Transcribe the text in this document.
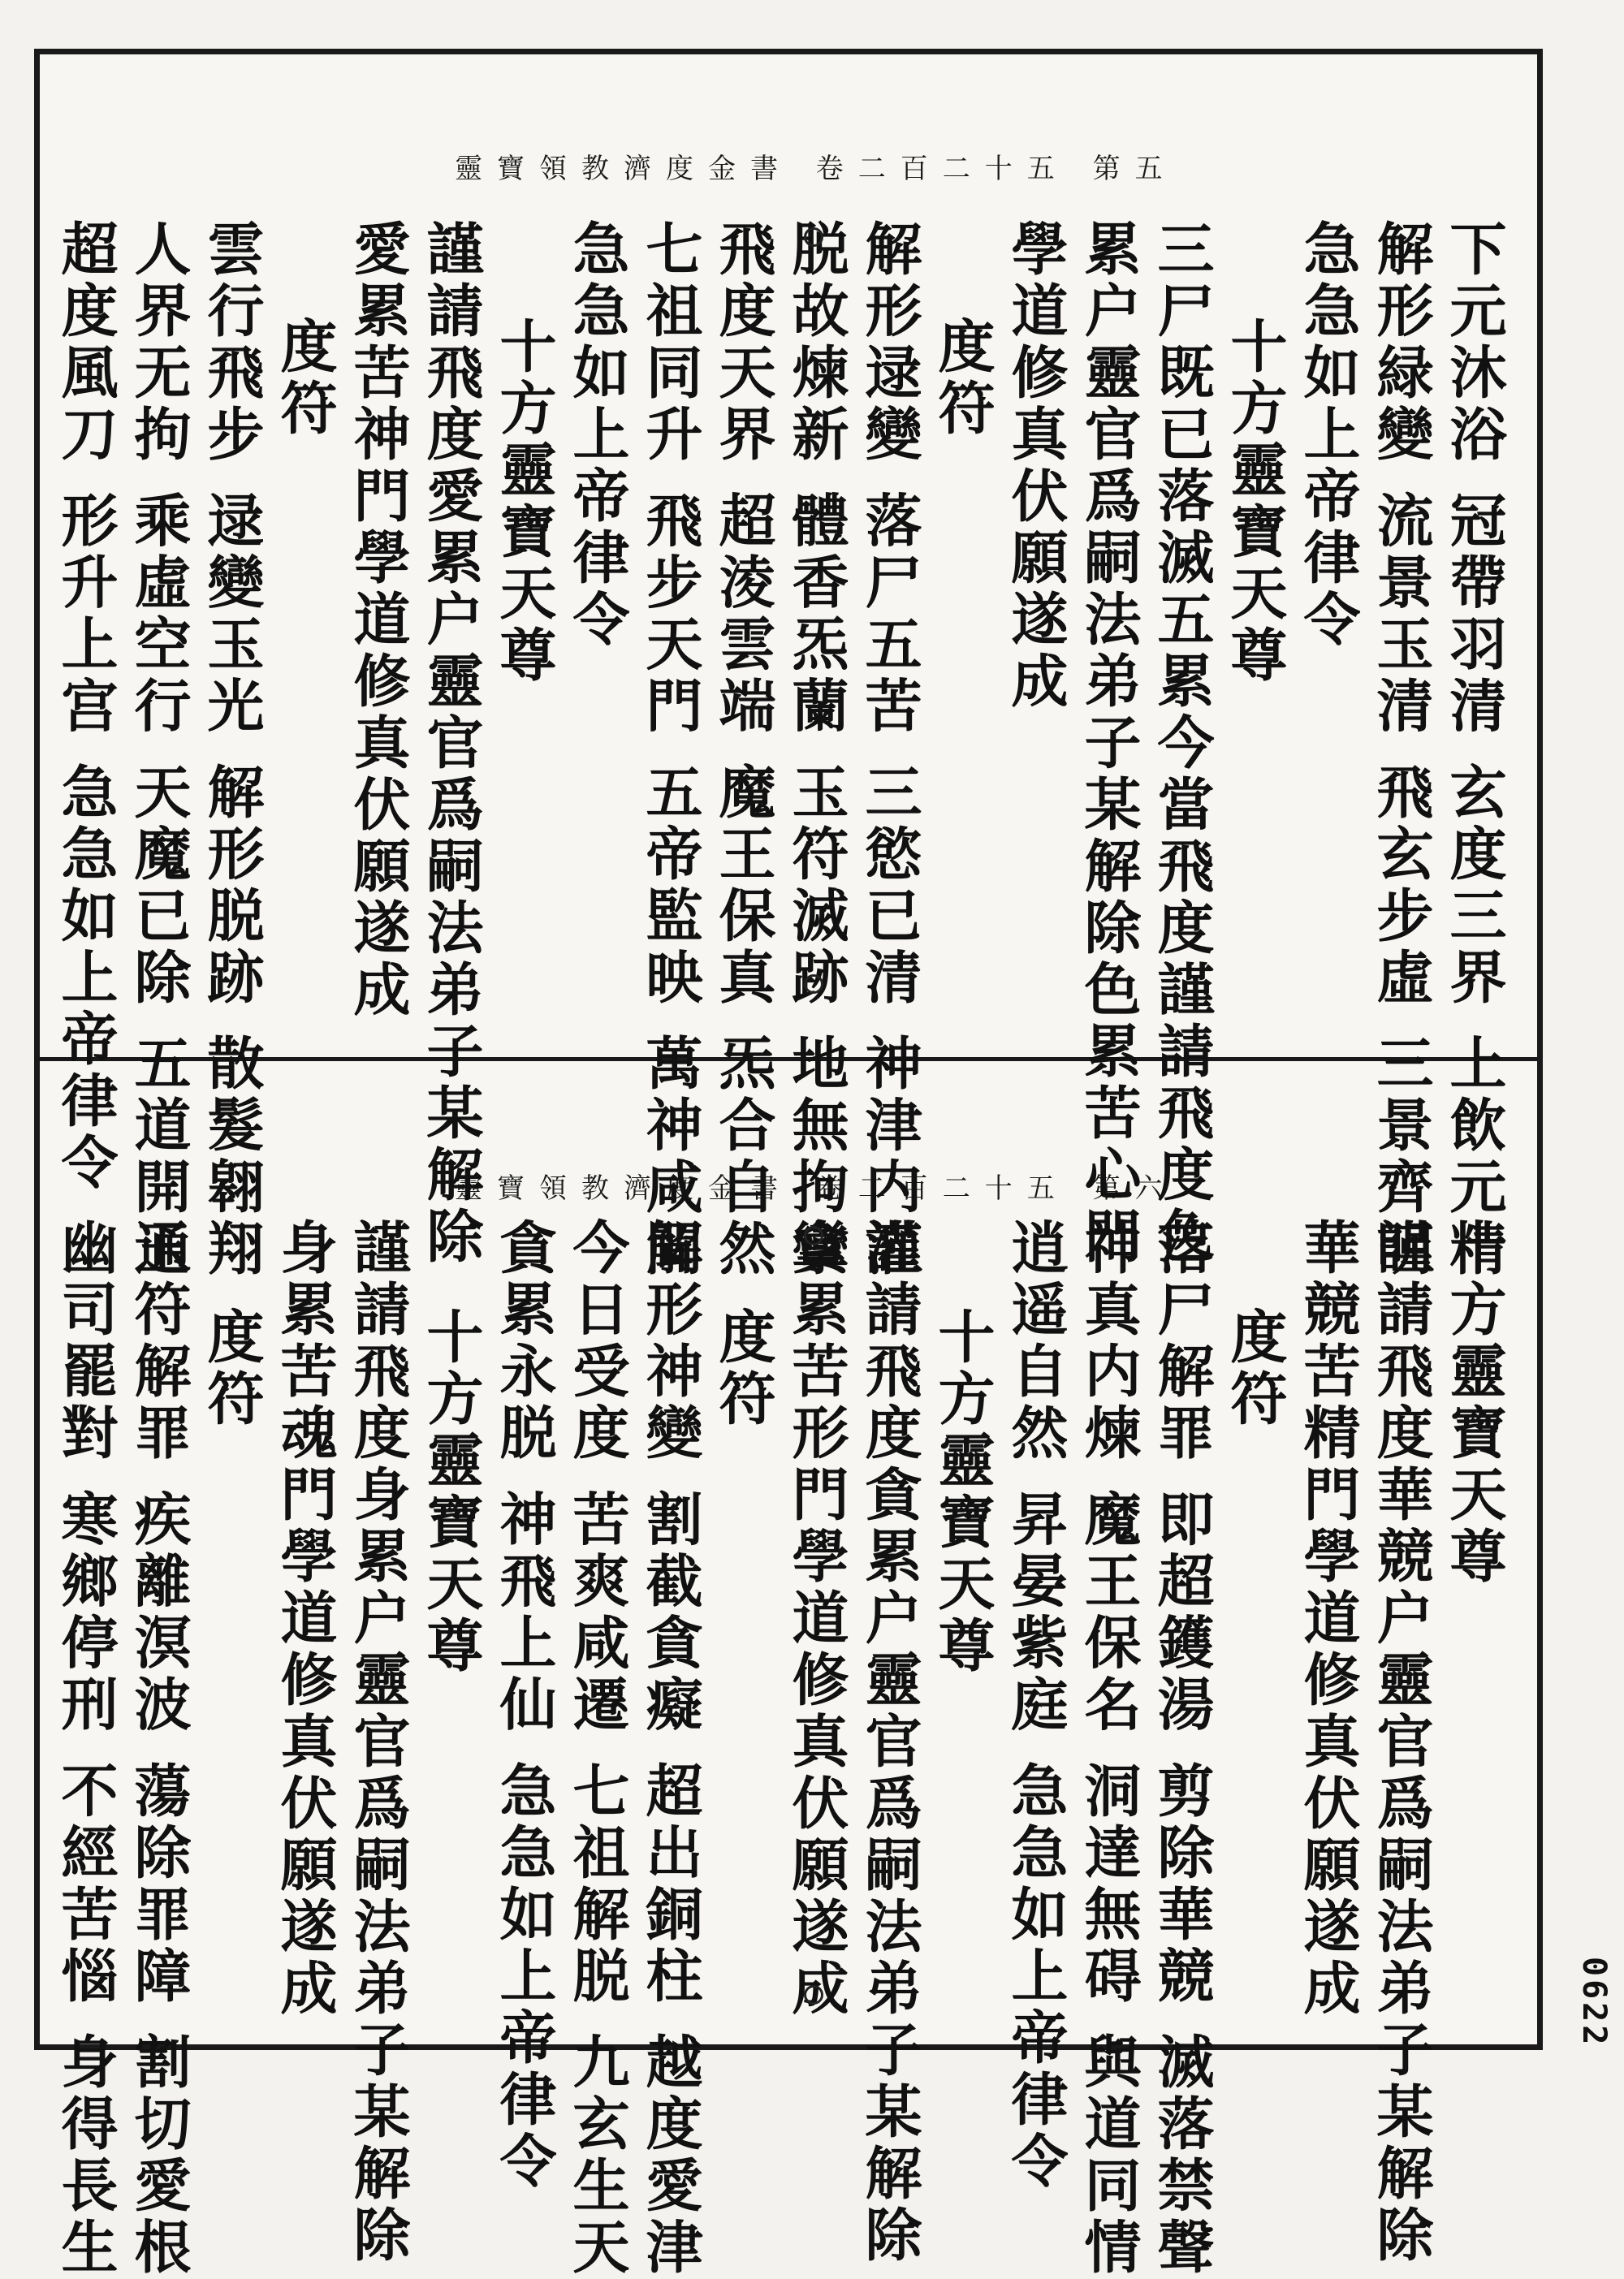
靈寶領教濟度金書 卷二百二十五 第五
靈寶領教濟度金書 卷二百二十五 第六	下元沐浴 冠帶羽清 玄度三界 上飲元精
解形緑變 流景玉清 飛玄步虛 三景齊明
急急如上帝律令
十方靈寶天尊
三尸既已落滅五累今當飛度謹請飛度色
累户靈官爲嗣法弟子某解除色累苦心門
學道修真伏願遂成
度符
解形逯變 落尸五苦 三慾已清 神津内灌
脱故煉新 體香炁蘭 玉符滅跡 地無拘攣
飛度天界 超淩雲端 魔王保真 炁合自然
七祖同升 飛步天門 五帝監映 萬神咸聞
急急如上帝律令
十方靈寶天尊
謹請飛度愛累户靈官爲嗣法弟子某解除
愛累苦神門學道修真伏願遂成
度符
雲行飛步 逯變玉光 解形脱跡 散髮翱翔
人界无拘 乘虛空行 天魔已除 五道開通
超度風刀 形升上宫 急急如上帝律令
十方靈寶天尊
謹請飛度華競户靈官爲嗣法弟子某解除
華競苦精門學道修真伏願遂成
度符
落尸解罪 即超鑊湯 剪除華競 滅落禁聲
神真内煉 魔王保名 洞達無碍 與道同情
逍遥自然 昇晏紫庭 急急如上帝律令
十方靈寶天尊
謹請飛度貪累户靈官爲嗣法弟子某解除
貪累苦形門學道修真伏願遂成
度符
解形神變 割截貪癡 超出銅柱 越度愛津
今日受度 苦爽咸遷 七祖解脱 九玄生天
貪累永脱 神飛上仙 急急如上帝律令
十方靈寶天尊
謹請飛度身累户靈官爲嗣法弟子某解除
身累苦魂門學道修真伏願遂成
度符
玉符解罪 疾離溟波 蕩除罪障 割切愛根
幽司罷對 寒鄉停刑 不經苦惱 身得長生	0622
